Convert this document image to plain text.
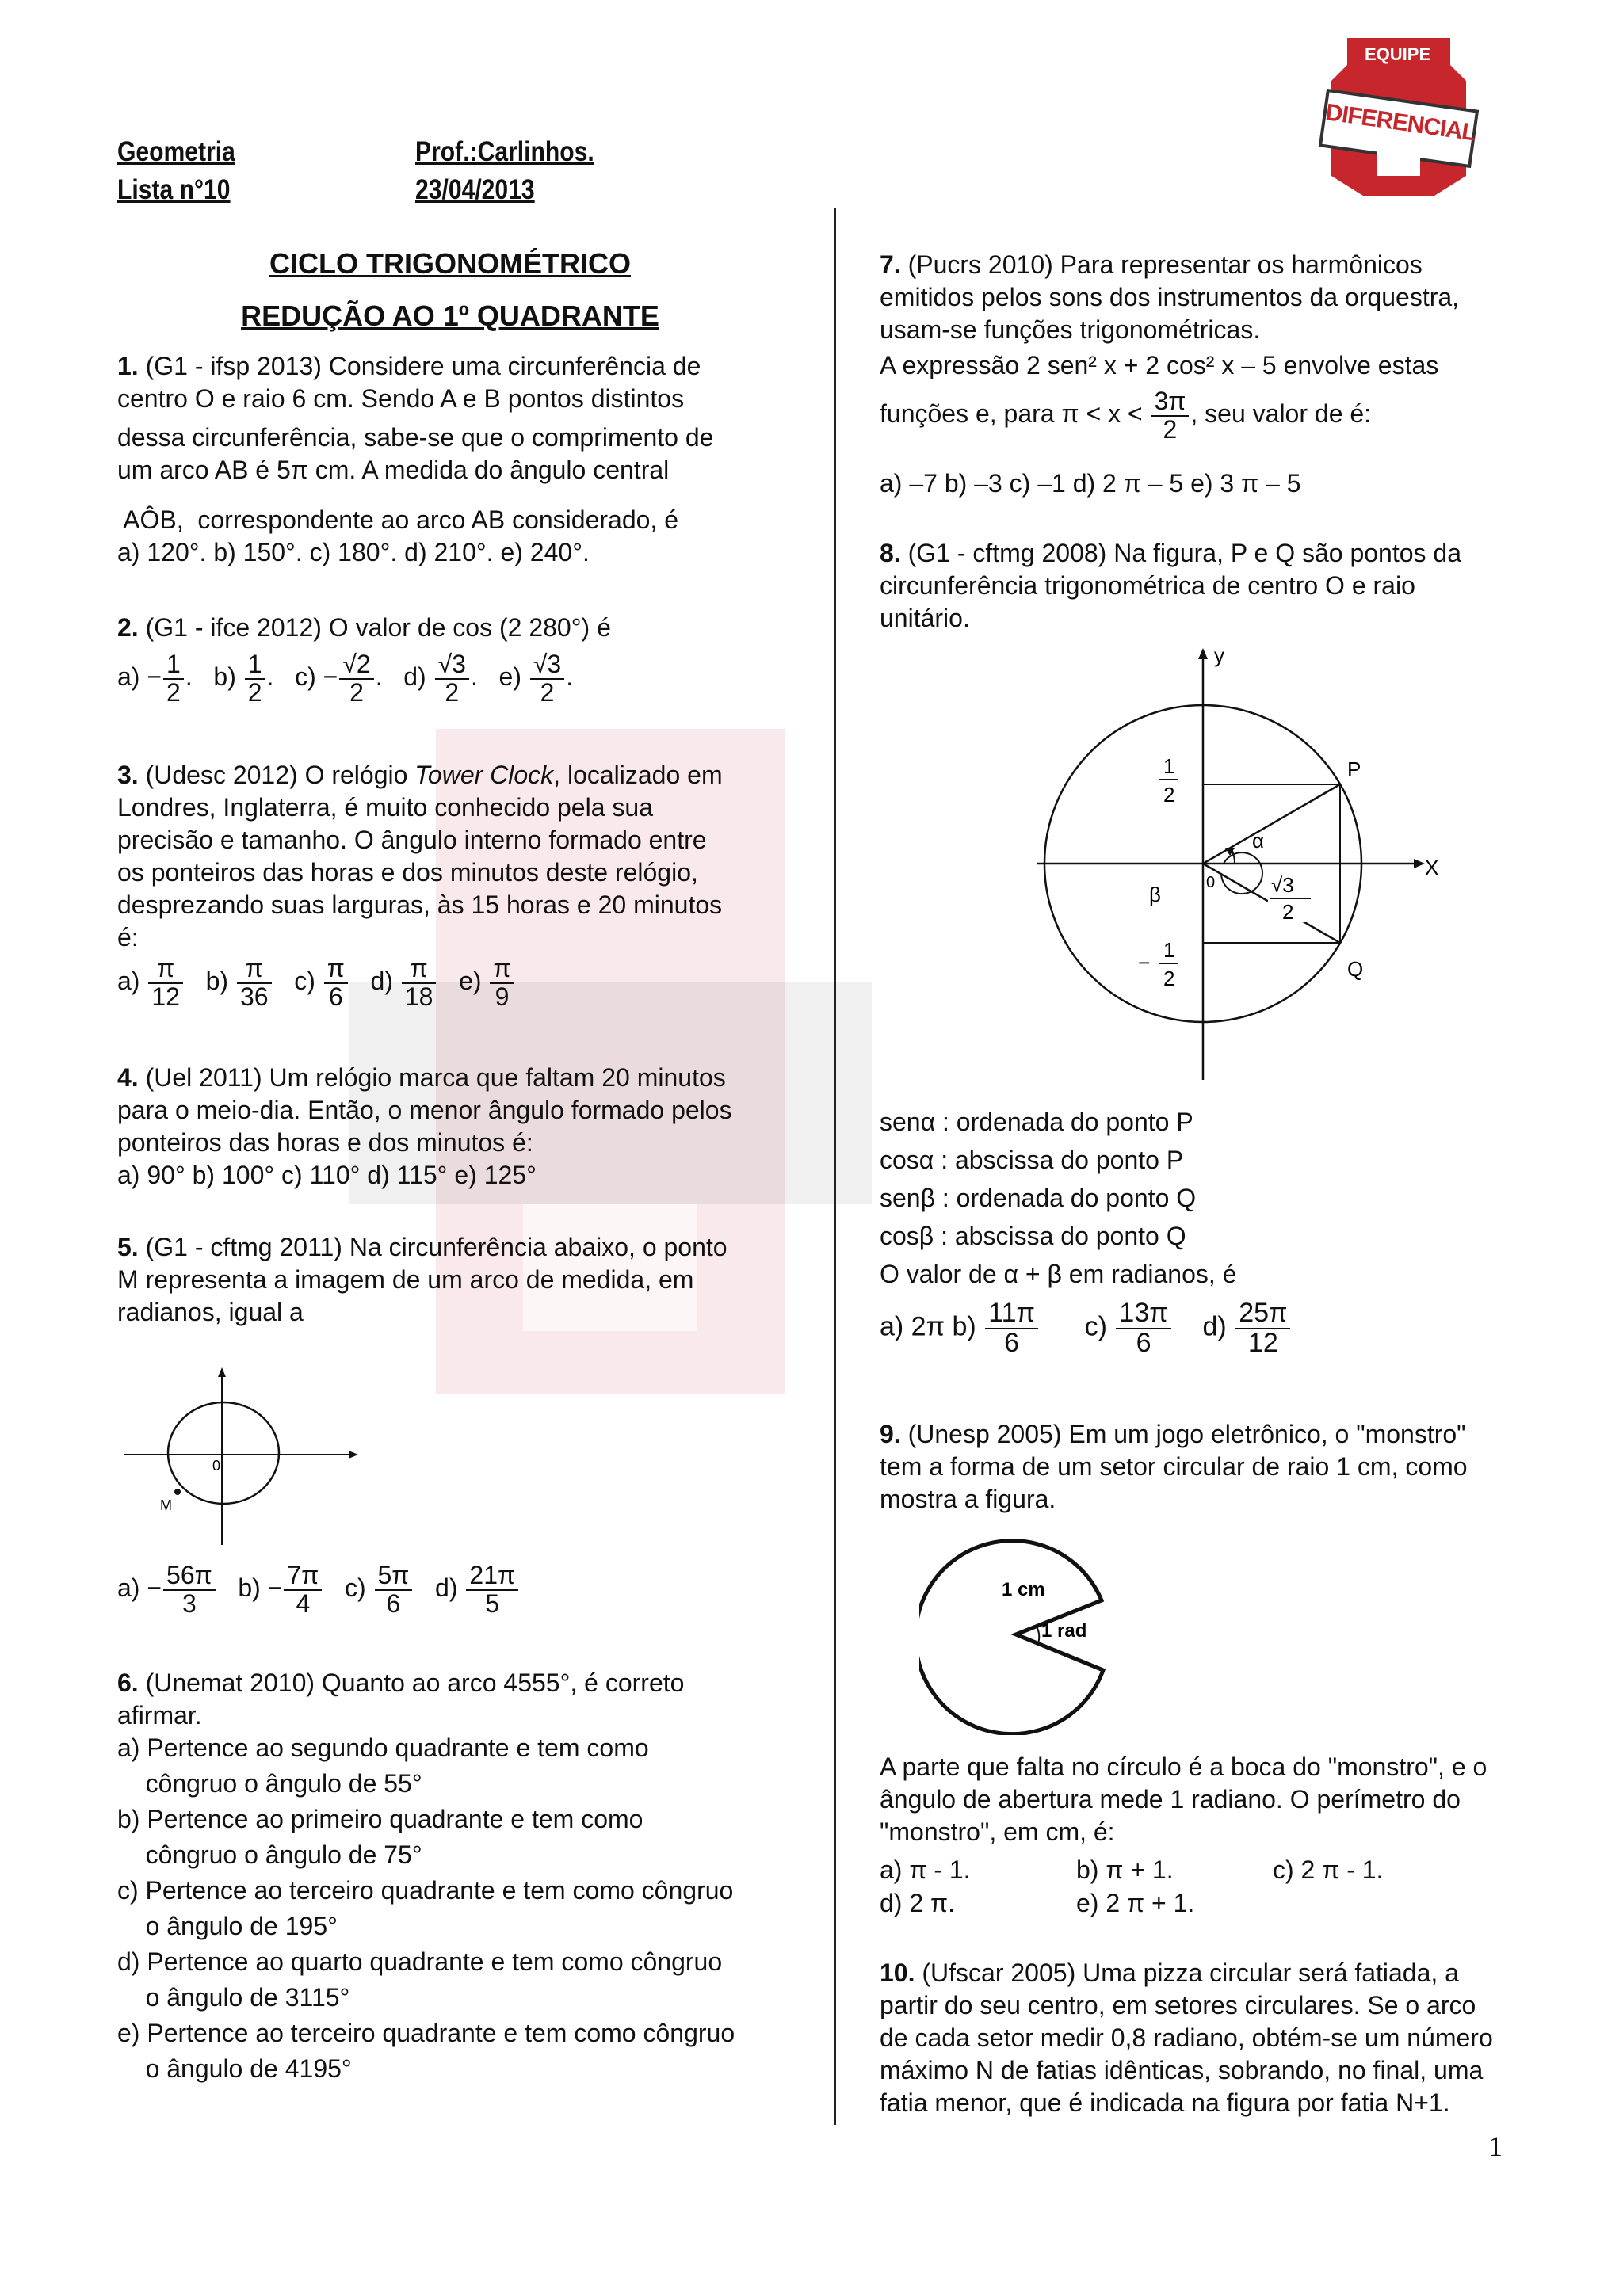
Geometria
Lista n°10
Prof.:Carlinhos.
23/04/2013
EQUIPE
DIFERENCIAL
CICLO TRIGONOMÉTRICO
REDUÇÃO AO 1º QUADRANTE
1. (G1 - ifsp 2013) Considere uma circunferência de
centro O e raio 6 cm. Sendo A e B pontos distintos
dessa circunferência, sabe-se que o comprimento de
um arco AB é 5π cm. A medida do ângulo central
AÔB,  correspondente ao arco AB considerado, é
a) 120°. b) 150°. c) 180°. d) 210°. e) 240°.
2. (G1 - ifce 2012) O valor de cos (2 280°) é
$a) - \frac{1}{2}$ .   $b) \frac{1}{2}$ .   $c) - \frac{√2}{2}$ .   $d) \frac{√3}{2}$ .   $e) \frac{√3}{2}$ .
3. (Udesc 2012) O relógio Tower Clock, localizado em
Londres, Inglaterra, é muito conhecido pela sua
precisão e tamanho. O ângulo interno formado entre
os ponteiros das horas e dos minutos deste relógio,
desprezando suas larguras, às 15 horas e 20 minutos
é:
$a) \frac{\pi}{12} b) \frac{\pi}{36} c) \frac{\pi}{6} d) \frac{\pi}{18} e) \frac{\pi}{9}$
4. (Uel 2011) Um relógio marca que faltam 20 minutos
para o meio-dia. Então, o menor ângulo formado pelos
ponteiros das horas e dos minutos é:
a) 90° b) 100° c) 110° d) 115° e) 125°
5. (G1 - cftmg 2011) Na circunferência abaixo, o ponto
M representa a imagem de um arco de medida, em
radianos, igual a
0
M
$a) - \frac{56\pi}{3} b) - \frac{7\pi}{4} c) \frac{5\pi}{6} d) \frac{21\pi}{5}$
6. (Unemat 2010) Quanto ao arco 4555°, é correto
afirmar.
a) Pertence ao segundo quadrante e tem como
côngruo o ângulo de 55°
b) Pertence ao primeiro quadrante e tem como
côngruo o ângulo de 75°
c) Pertence ao terceiro quadrante e tem como côngruo
o ângulo de 195°
d) Pertence ao quarto quadrante e tem como côngruo
o ângulo de 3115°
e) Pertence ao terceiro quadrante e tem como côngruo
o ângulo de 4195°
7. (Pucrs 2010) Para representar os harmônicos
emitidos pelos sons dos instrumentos da orquestra,
usam-se funções trigonométricas.
A expressão 2 sen² x + 2 cos² x – 5 envolve estas
funções e, para $\pi < x < \frac{3\pi}{2}$ , seu valor de é:
a) –7 b) –3 c) –1 d) 2 π – 5 e) 3 π – 5
8. (G1 - cftmg 2008) Na figura, P e Q são pontos da
circunferência trigonométrica de centro O e raio
unitário.
y
X
P
Q
α
β	0
1
2
−
1
2
√3
2
senα : ordenada do ponto P
cosα : abscissa do ponto P
senβ : ordenada do ponto Q
cosβ : abscissa do ponto Q
O valor de α + β em radianos, é
a) 2π $b) \frac{11\pi}{6} c) \frac{13\pi}{6} d) \frac{25\pi}{12}$
9. (Unesp 2005) Em um jogo eletrônico, o "monstro"
tem a forma de um setor circular de raio 1 cm, como
mostra a figura.
1 cm
1 rad
A parte que falta no círculo é a boca do "monstro", e o
ângulo de abertura mede 1 radiano. O perímetro do
"monstro", em cm, é:
a) π - 1.	b) π + 1.	c) 2 π - 1.
d) 2 π.	e) 2 π + 1.
10. (Ufscar 2005) Uma pizza circular será fatiada, a
partir do seu centro, em setores circulares. Se o arco
de cada setor medir 0,8 radiano, obtém-se um número
máximo N de fatias idênticas, sobrando, no final, uma
fatia menor, que é indicada na figura por fatia N+1.
1
